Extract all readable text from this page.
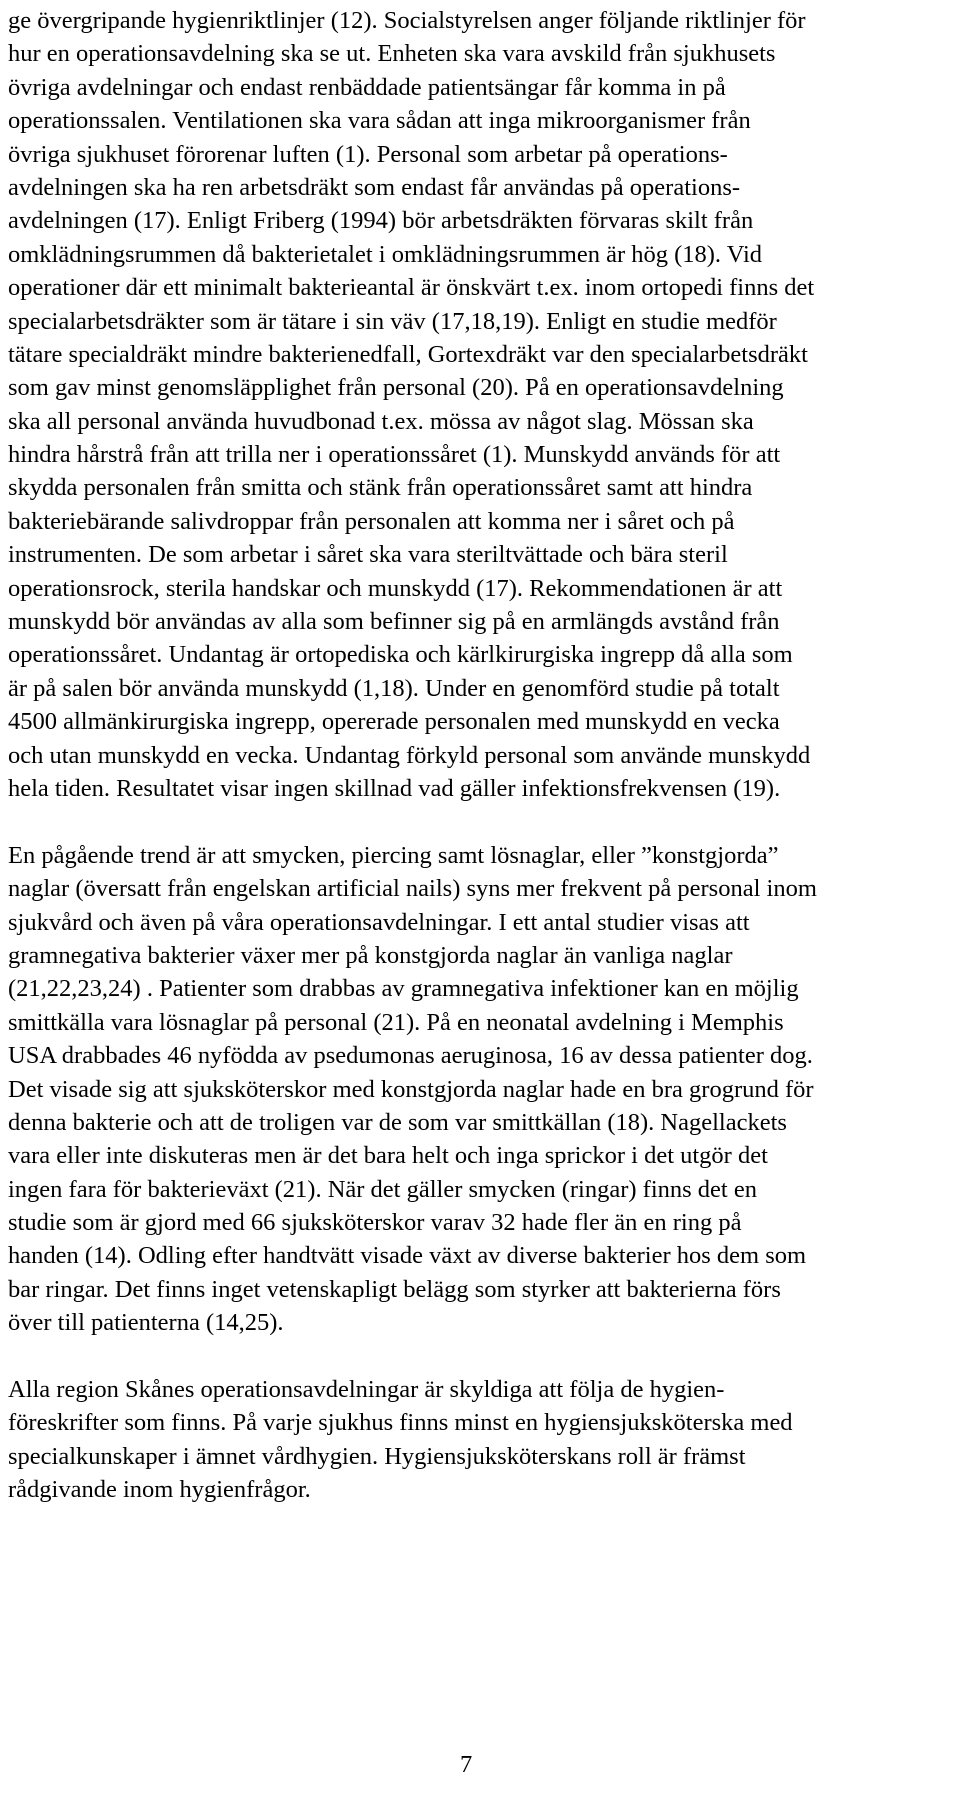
ge övergripande hygienriktlinjer (12). Socialstyrelsen anger följande riktlinjer för
hur en operationsavdelning ska se ut. Enheten ska vara avskild från sjukhusets
övriga avdelningar och endast renbäddade patientsängar får komma in på
operationssalen. Ventilationen ska vara sådan att inga mikroorganismer från
övriga sjukhuset förorenar luften (1). Personal som arbetar på operations-
avdelningen ska ha ren arbetsdräkt som endast får användas på operations-
avdelningen (17). Enligt Friberg (1994) bör arbetsdräkten förvaras skilt från
omklädningsrummen då bakterietalet i omklädningsrummen är hög (18). Vid
operationer där ett minimalt bakterieantal är önskvärt t.ex. inom ortopedi finns det
specialarbetsdräkter som är tätare i sin väv (17,18,19). Enligt en studie medför
tätare specialdräkt mindre bakterienedfall, Gortexdräkt var den specialarbetsdräkt
som gav minst genomsläpplighet från personal (20). På en operationsavdelning
ska all personal använda huvudbonad t.ex. mössa av något slag. Mössan ska
hindra hårstrå från att trilla ner i operationssåret (1). Munskydd används för att
skydda personalen från smitta och stänk från operationssåret samt att hindra
bakteriebärande salivdroppar från personalen att komma ner i såret och på
instrumenten. De som arbetar i såret ska vara steriltvättade och bära steril
operationsrock, sterila handskar och munskydd (17). Rekommendationen är att
munskydd bör användas av alla som befinner sig på en armlängds avstånd från
operationssåret. Undantag är ortopediska och kärlkirurgiska ingrepp då alla som
är på salen bör använda munskydd (1,18). Under en genomförd studie på totalt
4500 allmänkirurgiska ingrepp, opererade personalen med munskydd en vecka
och utan munskydd en vecka. Undantag förkyld personal som använde munskydd
hela tiden. Resultatet visar ingen skillnad vad gäller infektionsfrekvensen (19).
En pågående trend är att smycken, piercing samt lösnaglar, eller ”konstgjorda”
naglar (översatt från engelskan artificial nails) syns mer frekvent på personal inom
sjukvård och även på våra operationsavdelningar. I ett antal studier visas att
gramnegativa bakterier växer mer på konstgjorda naglar än vanliga naglar
(21,22,23,24) . Patienter som drabbas av gramnegativa infektioner kan en möjlig
smittkälla vara lösnaglar på personal (21). På en neonatal avdelning i Memphis
USA drabbades 46 nyfödda av psedumonas aeruginosa, 16 av dessa patienter dog.
Det visade sig att sjuksköterskor med konstgjorda naglar hade en bra grogrund för
denna bakterie och att de troligen var de som var smittkällan (18). Nagellackets
vara eller inte diskuteras men är det bara helt och inga sprickor i det utgör det
ingen fara för bakterieväxt (21). När det gäller smycken (ringar) finns det en
studie som är gjord med 66 sjuksköterskor varav 32 hade fler än en ring på
handen (14). Odling efter handtvätt visade växt av diverse bakterier hos dem som
bar ringar. Det finns inget vetenskapligt belägg som styrker att bakterierna förs
över till patienterna (14,25).
Alla region Skånes operationsavdelningar är skyldiga att följa de hygien-
föreskrifter som finns. På varje sjukhus finns minst en hygiensjuksköterska med
specialkunskaper i ämnet vårdhygien. Hygiensjuksköterskans roll är främst
rådgivande inom hygienfrågor.
7
